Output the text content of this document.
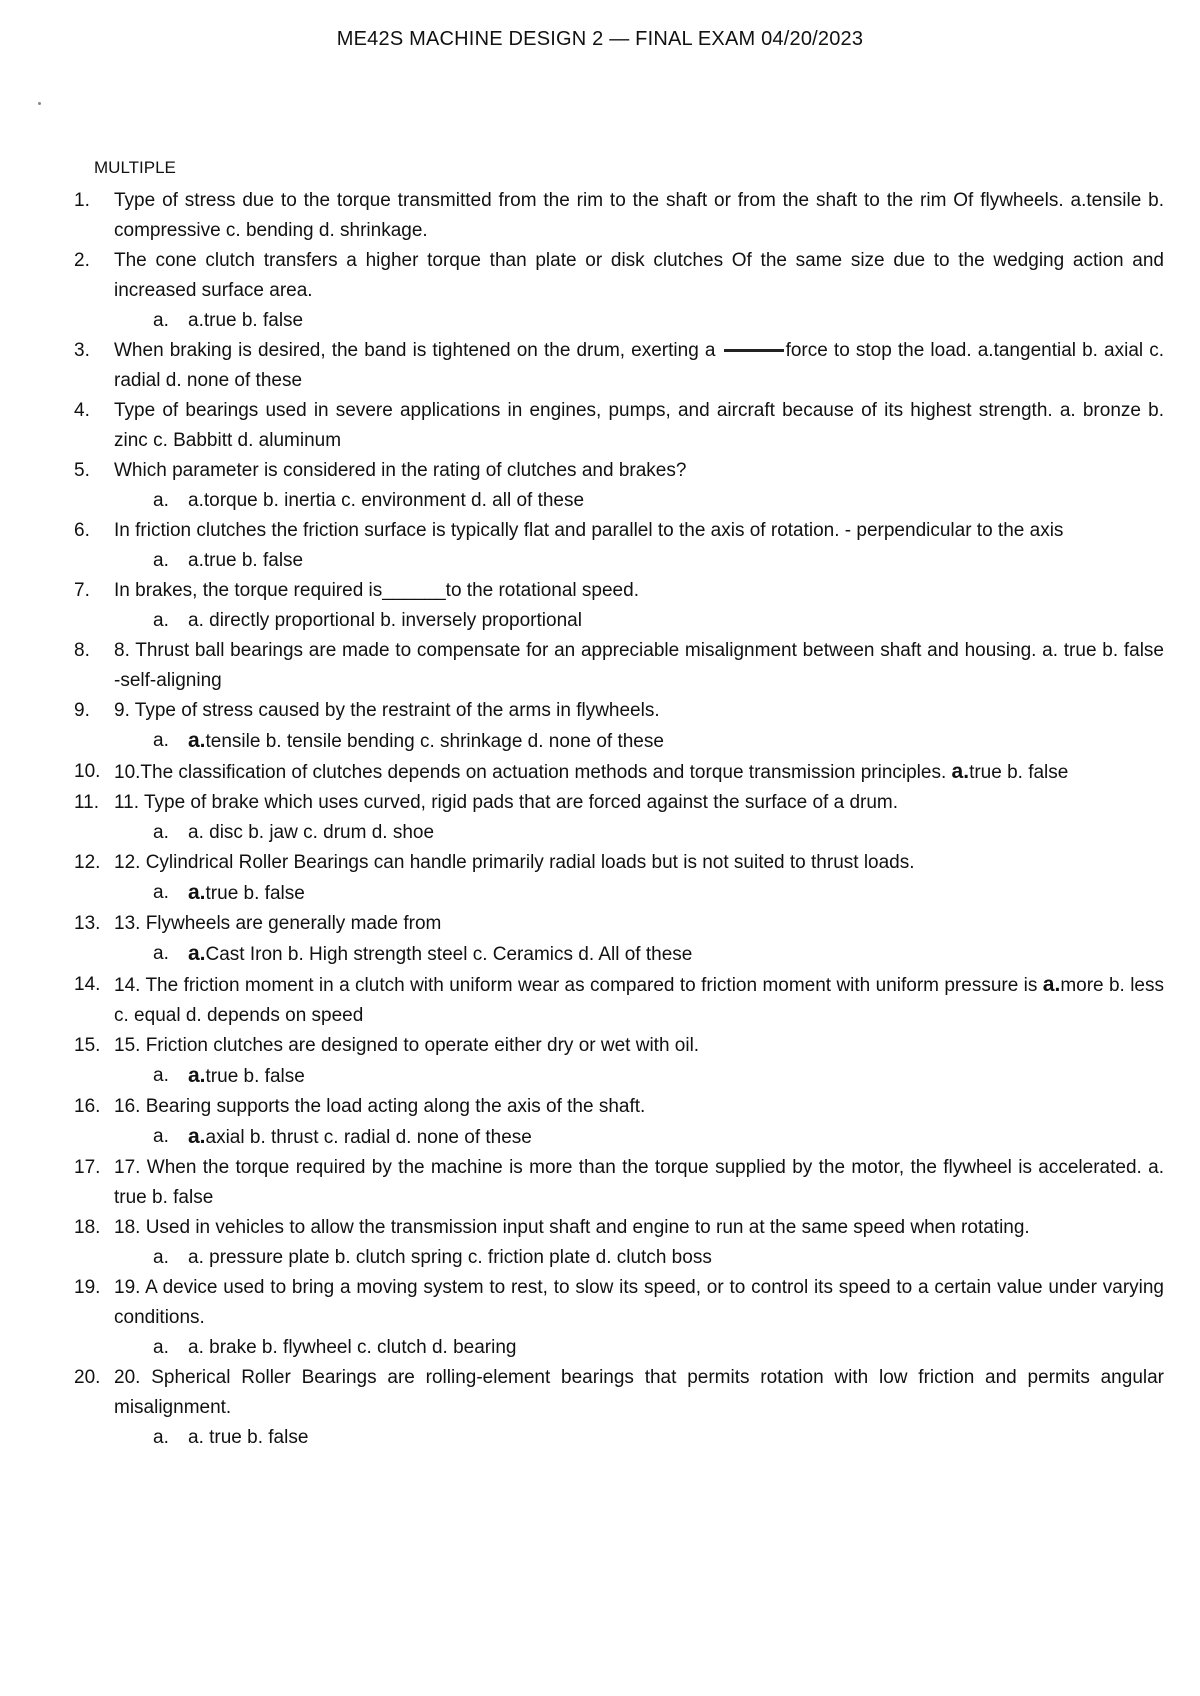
ME42S MACHINE DESIGN 2 — FINAL EXAM 04/20/2023
MULTIPLE
1. Type of stress due to the torque transmitted from the rim to the shaft or from the shaft to the rim Of flywheels. a.tensile b. compressive c. bending d. shrinkage.
2. The cone clutch transfers a higher torque than plate or disk clutches Of the same size due to the wedging action and increased surface area.
a. a.true b. false
3. When braking is desired, the band is tightened on the drum, exerting a	force to stop the load. a.tangential b. axial c. radial d. none of these
4. Type of bearings used in severe applications in engines, pumps, and aircraft because of its highest strength. a. bronze b. zinc c. Babbitt d. aluminum
5. Which parameter is considered in the rating of clutches and brakes?
a. a.torque b. inertia c. environment d. all of these
6. In friction clutches the friction surface is typically flat and parallel to the axis of rotation. - perpendicular to the axis
a. a.true b. false
7. In brakes, the torque required is______to the rotational speed.
a. a. directly proportional b. inversely proportional
8. 8. Thrust ball bearings are made to compensate for an appreciable misalignment between shaft and housing. a. true b. false -self-aligning
9. 9. Type of stress caused by the restraint of the arms in flywheels.
a. a.tensile b. tensile bending c. shrinkage d. none of these
10. 10.The classification of clutches depends on actuation methods and torque transmission principles. a.true b. false
11. 11. Type of brake which uses curved, rigid pads that are forced against the surface of a drum.
a. a. disc b. jaw c. drum d. shoe
12. 12. Cylindrical Roller Bearings can handle primarily radial loads but is not suited to thrust loads.
a. a.true b. false
13. 13. Flywheels are generally made from
a. a.Cast Iron b. High strength steel c. Ceramics d. All of these
14. 14. The friction moment in a clutch with uniform wear as compared to friction moment with uniform pressure is a.more b. less c. equal d. depends on speed
15. 15. Friction clutches are designed to operate either dry or wet with oil.
a. a.true b. false
16. 16. Bearing supports the load acting along the axis of the shaft.
a. a.axial b. thrust c. radial d. none of these
17. 17. When the torque required by the machine is more than the torque supplied by the motor, the flywheel is accelerated. a. true b. false
18. 18. Used in vehicles to allow the transmission input shaft and engine to run at the same speed when rotating.
a. a. pressure plate b. clutch spring c. friction plate d. clutch boss
19. 19. A device used to bring a moving system to rest, to slow its speed, or to control its speed to a certain value under varying conditions.
a. a. brake b. flywheel c. clutch d. bearing
20. 20. Spherical Roller Bearings are rolling-element bearings that permits rotation with low friction and permits angular misalignment.
a. a. true b. false
